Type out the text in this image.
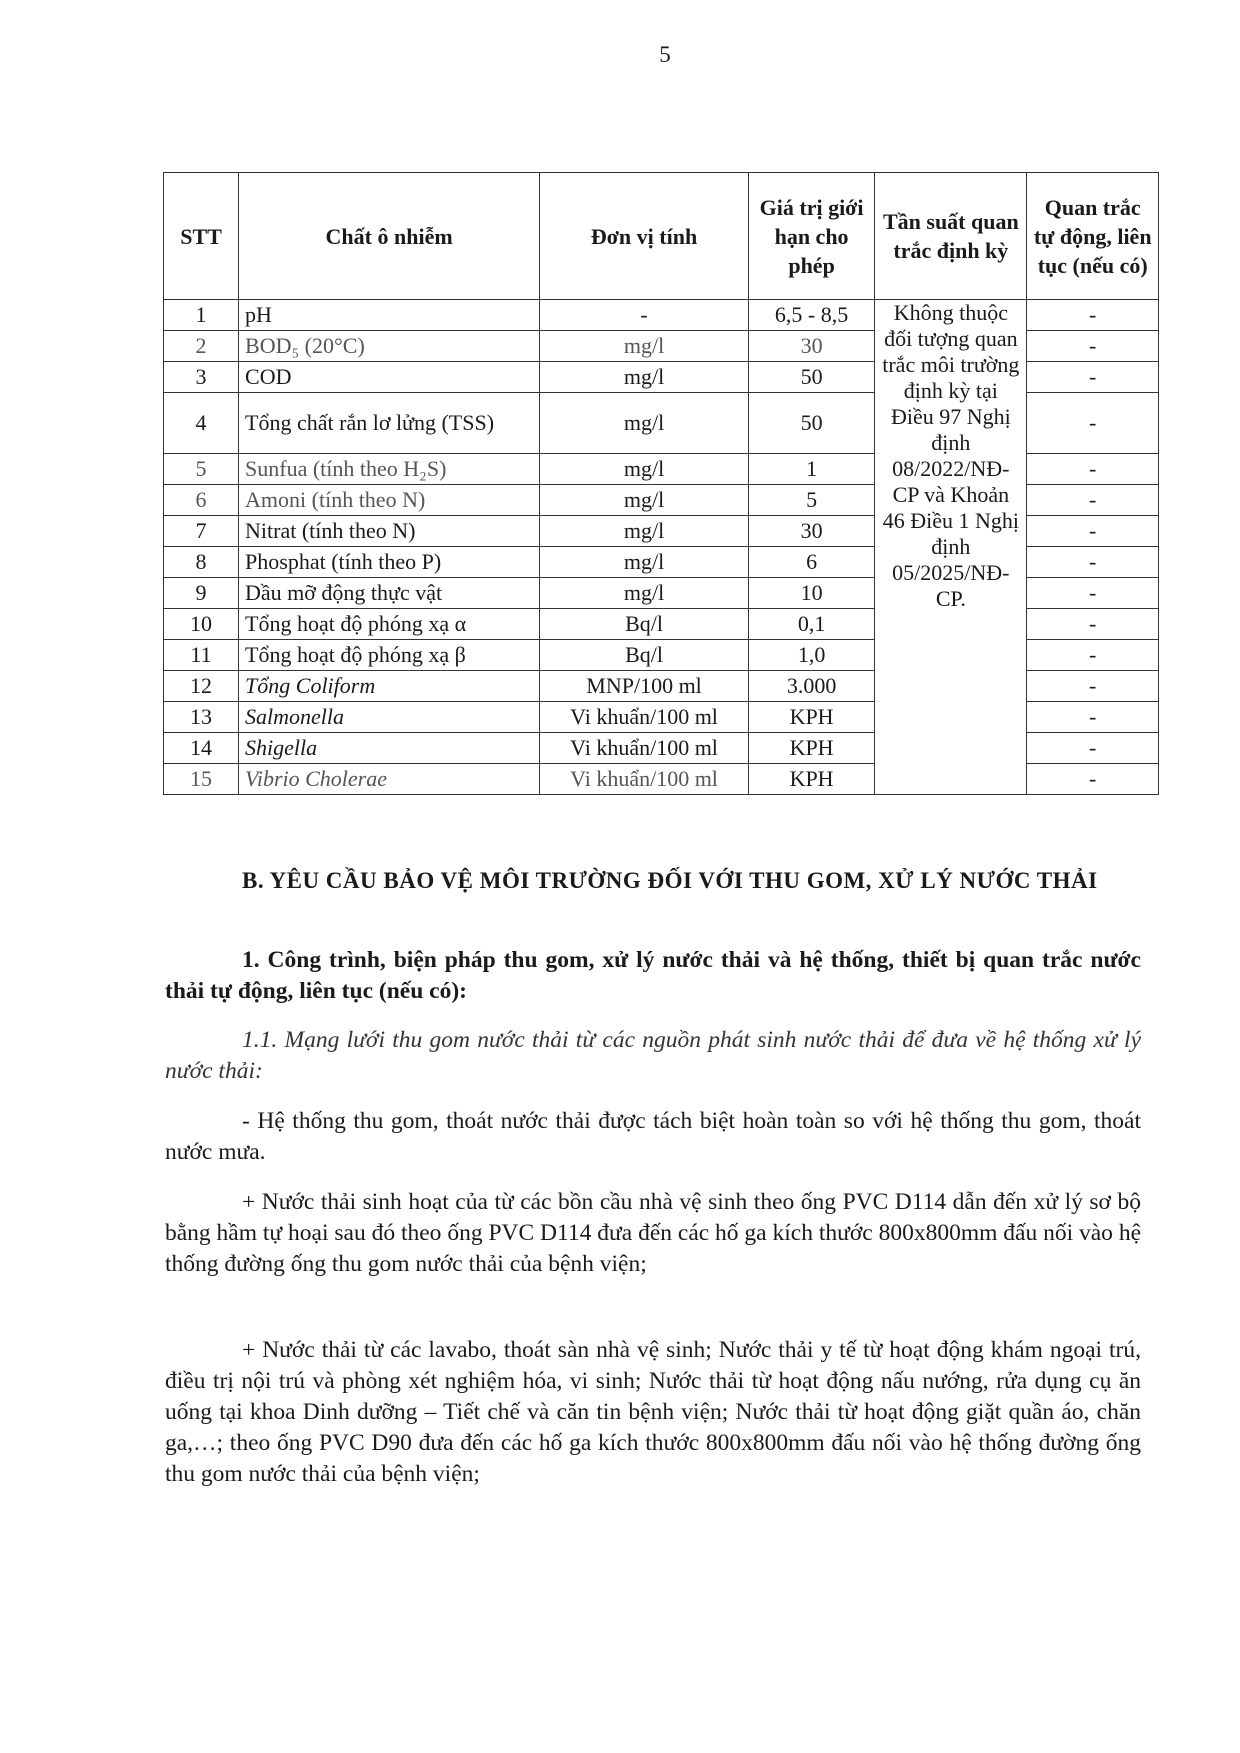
5
STT	Chất ô nhiễm	Đơn vị tính	Giá trị giới hạn cho phép	Tần suất quan trắc định kỳ	Quan trắc tự động, liên tục (nếu có)
1	pH	-	6,5 - 8,5	Không thuộc đối tượng quan trắc môi trường định kỳ tại Điều 97 Nghị định 08/2022/NĐ-CP và Khoản 46 Điều 1 Nghị định 05/2025/NĐ-CP.	-
2	BOD₅ (20°C)	mg/l	30		-
3	COD	mg/l	50		-
4	Tổng chất rắn lơ lửng (TSS)	mg/l	50		-
5	Sunfua (tính theo H₂S)	mg/l	1		-
6	Amoni (tính theo N)	mg/l	5		-
7	Nitrat (tính theo N)	mg/l	30		-
8	Phosphat (tính theo P)	mg/l	6		-
9	Dầu mỡ động thực vật	mg/l	10		-
10	Tổng hoạt độ phóng xạ α	Bq/l	0,1		-
11	Tổng hoạt độ phóng xạ β	Bq/l	1,0		-
12	Tổng Coliform	MNP/100 ml	3.000		-
13	Salmonella	Vi khuẩn/100 ml	KPH		-
14	Shigella	Vi khuẩn/100 ml	KPH		-
15	Vibrio Cholerae	Vi khuẩn/100 ml	KPH		-
B. YÊU CẦU BẢO VỆ MÔI TRƯỜNG ĐỐI VỚI THU GOM, XỬ LÝ NƯỚC THẢI
1. Công trình, biện pháp thu gom, xử lý nước thải và hệ thống, thiết bị quan trắc nước thải tự động, liên tục (nếu có):
1.1. Mạng lưới thu gom nước thải từ các nguồn phát sinh nước thải để đưa về hệ thống xử lý nước thải:
- Hệ thống thu gom, thoát nước thải được tách biệt hoàn toàn so với hệ thống thu gom, thoát nước mưa.
+ Nước thải sinh hoạt của từ các bồn cầu nhà vệ sinh theo ống PVC D114 dẫn đến xử lý sơ bộ bằng hầm tự hoại sau đó theo ống PVC D114 đưa đến các hố ga kích thước 800x800mm đấu nối vào hệ thống đường ống thu gom nước thải của bệnh viện;
+ Nước thải từ các lavabo, thoát sàn nhà vệ sinh; Nước thải y tế từ hoạt động khám ngoại trú, điều trị nội trú và phòng xét nghiệm hóa, vi sinh; Nước thải từ hoạt động nấu nướng, rửa dụng cụ ăn uống tại khoa Dinh dưỡng – Tiết chế và căn tin bệnh viện; Nước thải từ hoạt động giặt quần áo, chăn ga,…; theo ống PVC D90 đưa đến các hố ga kích thước 800x800mm đấu nối vào hệ thống đường ống thu gom nước thải của bệnh viện;
